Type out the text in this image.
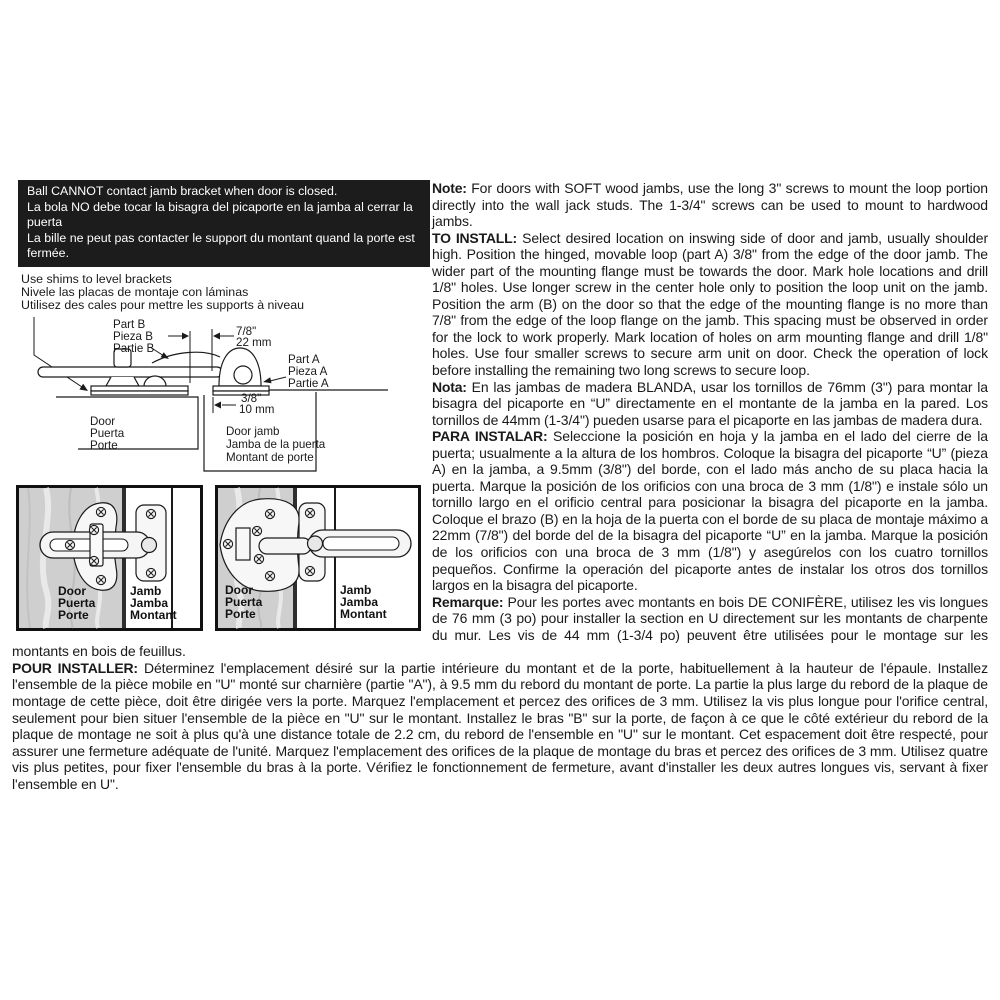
Ball CANNOT contact jamb bracket when door is closed.
La bola NO debe tocar la bisagra del picaporte en la jamba al cerrar la puerta
La bille ne peut pas contacter le support du montant quand la porte est fermée.
Use shims to level brackets
Nivele las placas de montaje con láminas
Utilisez des cales pour mettre les supports à niveau
7/8"
22 mm
3/8"
10 mm
Part B
Pieza B
Partie B
Part A
Pieza A
Partie A
Door
Puerta
Porte
Door jamb
Jamba de la puerta
Montant de porte
Door
Puerta
Porte
Jamb
Jamba
Montant
Door
Puerta
Porte
Jamb
Jamba
Montant

Note: For doors with SOFT wood jambs, use the long 3" screws to mount the loop portion directly into the wall jack studs. The 1-3/4" screws can be used to mount to hardwood jambs.

TO INSTALL: Select desired location on inswing side of door and jamb, usually shoulder high. Position the hinged, movable loop (part A) 3/8" from the edge of the door jamb. The wider part of the mounting flange must be towards the door. Mark hole locations and drill 1/8" holes. Use longer screw in the center hole only to position the loop unit on the jamb. Position the arm (B) on the door so that the edge of the mounting flange is no more than 7/8" from the edge of the loop flange on the jamb. This spacing must be observed in order for the lock to work properly. Mark location of holes on arm mounting flange and drill 1/8" holes. Use four smaller screws to secure arm unit on door. Check the operation of lock before installing the remaining two long screws to secure loop.

Nota: En las jambas de madera BLANDA, usar los tornillos de 76mm (3") para montar la bisagra del picaporte en “U” directamente en el montante de la jamba en la pared. Los tornillos de 44mm (1-3/4") pueden usarse para el picaporte en las jambas de madera dura.

PARA INSTALAR: Seleccione la posición en hoja y la jamba en el lado del cierre de la puerta; usualmente a la altura de los hombros. Coloque la bisagra del picaporte “U” (pieza A) en la jamba, a 9.5mm (3/8") del borde, con el lado más ancho de su placa hacia la puerta. Marque la posición de los orificios con una broca de 3 mm (1/8") e instale sólo un tornillo largo en el orificio central para posicionar la bisagra del picaporte en la jamba. Coloque el brazo (B) en la hoja de la puerta con el borde de su placa de montaje máximo a 22mm (7/8") del borde del de la bisagra del picaporte “U” en la jamba. Marque la posición de los orificios con una broca de 3 mm (1/8") y asegúrelos con los cuatro tornillos pequeños. Confirme la operación del picaporte antes de instalar los otros dos tornillos largos en la bisagra del picaporte.

Remarque: Pour les portes avec montants en bois DE CONIFÈRE, utilisez les vis longues de 76 mm (3 po) pour installer la section en U directement sur les montants de charpente du mur. Les vis de 44 mm (1-3/4 po) peuvent être utilisées pour le montage sur les montants en bois de feuillus.

POUR INSTALLER: Déterminez l'emplacement désiré sur la partie intérieure du montant et de la porte, habituellement à la hauteur de l'épaule. Installez l'ensemble de la pièce mobile en "U" monté sur charnière (partie "A"), à 9.5 mm du rebord du montant de porte. La partie la plus large du rebord de la plaque de montage de cette pièce, doit être dirigée vers la porte. Marquez l'emplacement et percez des orifices de 3 mm. Utilisez la vis plus longue pour l'orifice central, seulement pour bien situer l'ensemble de la pièce en "U" sur le montant. Installez le bras "B" sur la porte, de façon à ce que le côté extérieur du rebord de la plaque de montage ne soit à plus qu'à une distance totale de 2.2 cm, du rebord de l'ensemble en "U" sur le montant. Cet espacement doit être respecté, pour assurer une fermeture adéquate de l'unité. Marquez l'emplacement des orifices de la plaque de montage du bras et percez des orifices de 3 mm. Utilisez quatre vis plus petites, pour fixer l'ensemble du bras à la porte. Vérifiez le fonctionnement de fermeture, avant d'installer les deux autres longues vis, servant à fixer l'ensemble en U".
